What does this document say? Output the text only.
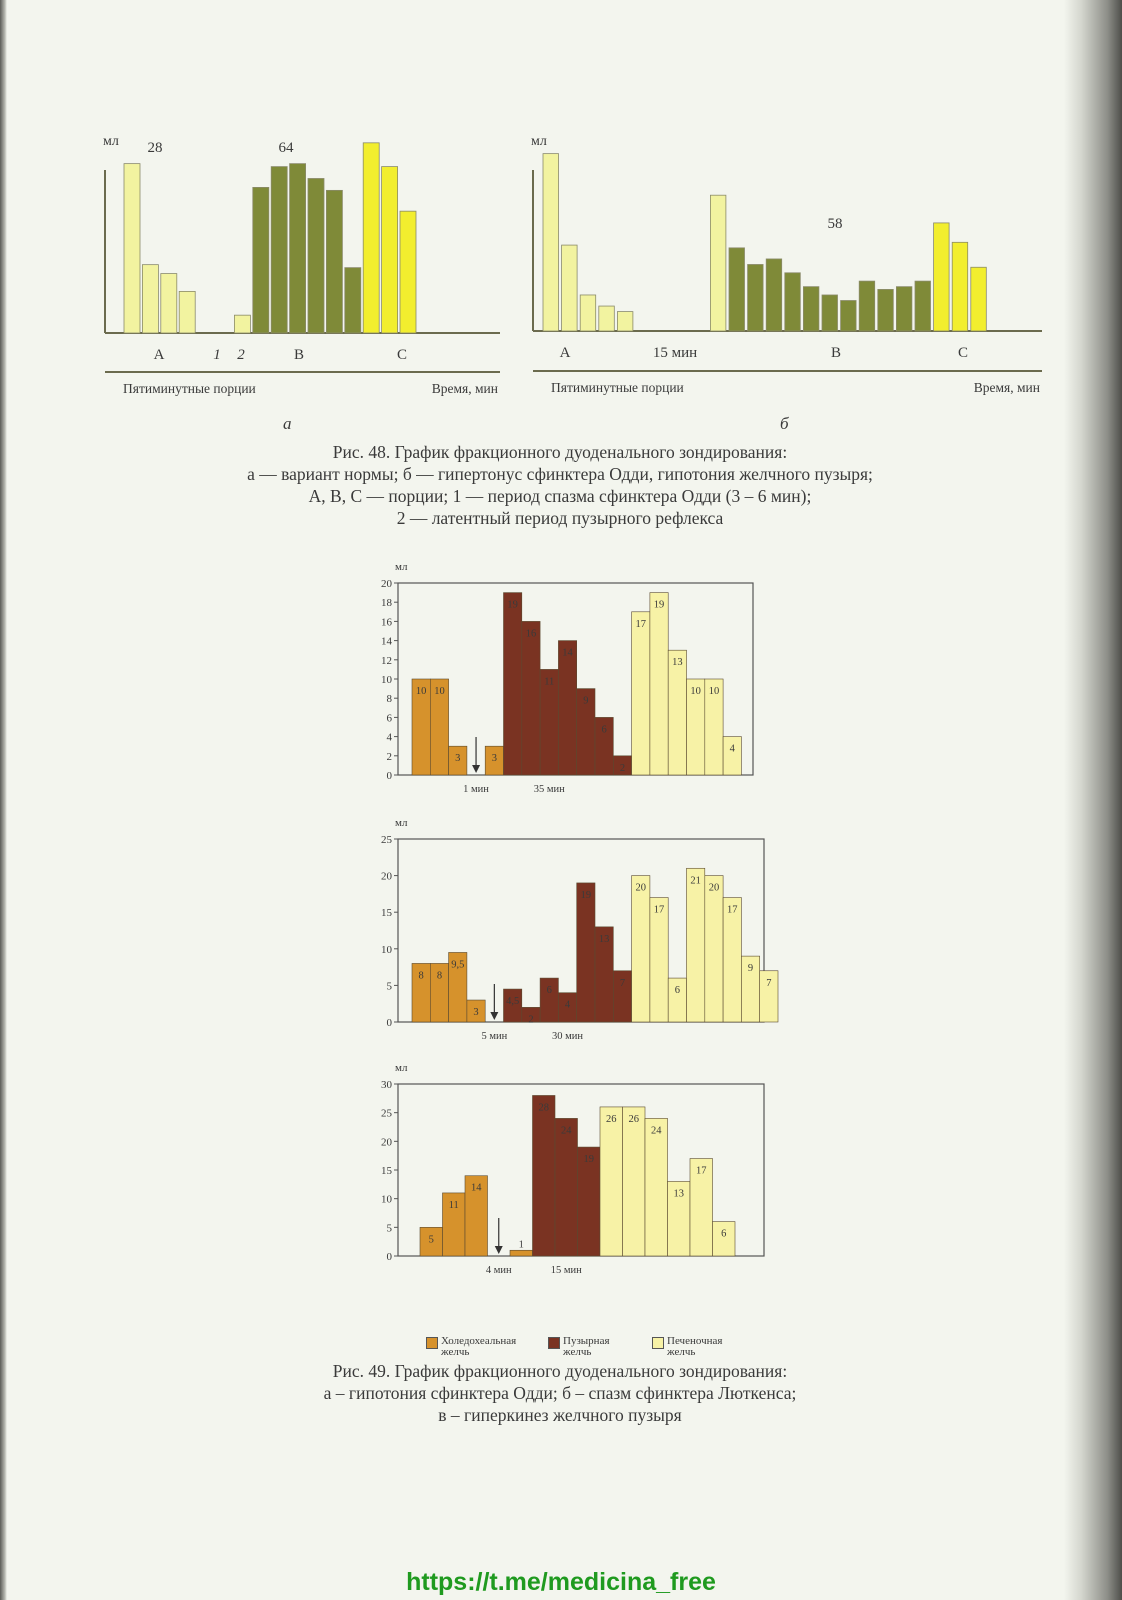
мл
А	1 2	В	С
28	64
Пятиминутные порции	Время, мин
мл
А	15 мин	В	С
58
Пятиминутные порции	Время, мин
а	б
Рис. 48. График фракционного дуоденального зондирования:
а — вариант нормы; б — гипертонус сфинктера Одди, гипотония желчного пузыря;
А, В, С — порции; 1 — период спазма сфинктера Одди (3 – 6 мин);
2 — латентный период пузырного рефлекса
мл
0
2
4
6
8
10
12
14
16
18
20
10 10
3	3
19
16
11
14
9
6
2
17
19
13
10 10
4
1 мин	35 мин
мл
0
5
10
15
20
25
8 8
9,5
3
4,5
2
6
4
19
13
7
20
17
6
21
20
17
9
7
5 мин	30 мин
мл
0
5
10
15
20
25
30
5
11
14
1
28
24
19
26 26
24
13
17
6
4 мин	15 мин
Холедохеальная
желчь
Пузырная
желчь
Печеночная
желчь
Рис. 49. График фракционного дуоденального зондирования:
а – гипотония сфинктера Одди; б – спазм сфинктера Люткенса;
в – гиперкинез желчного пузыря
https://t.me/medicina_free
